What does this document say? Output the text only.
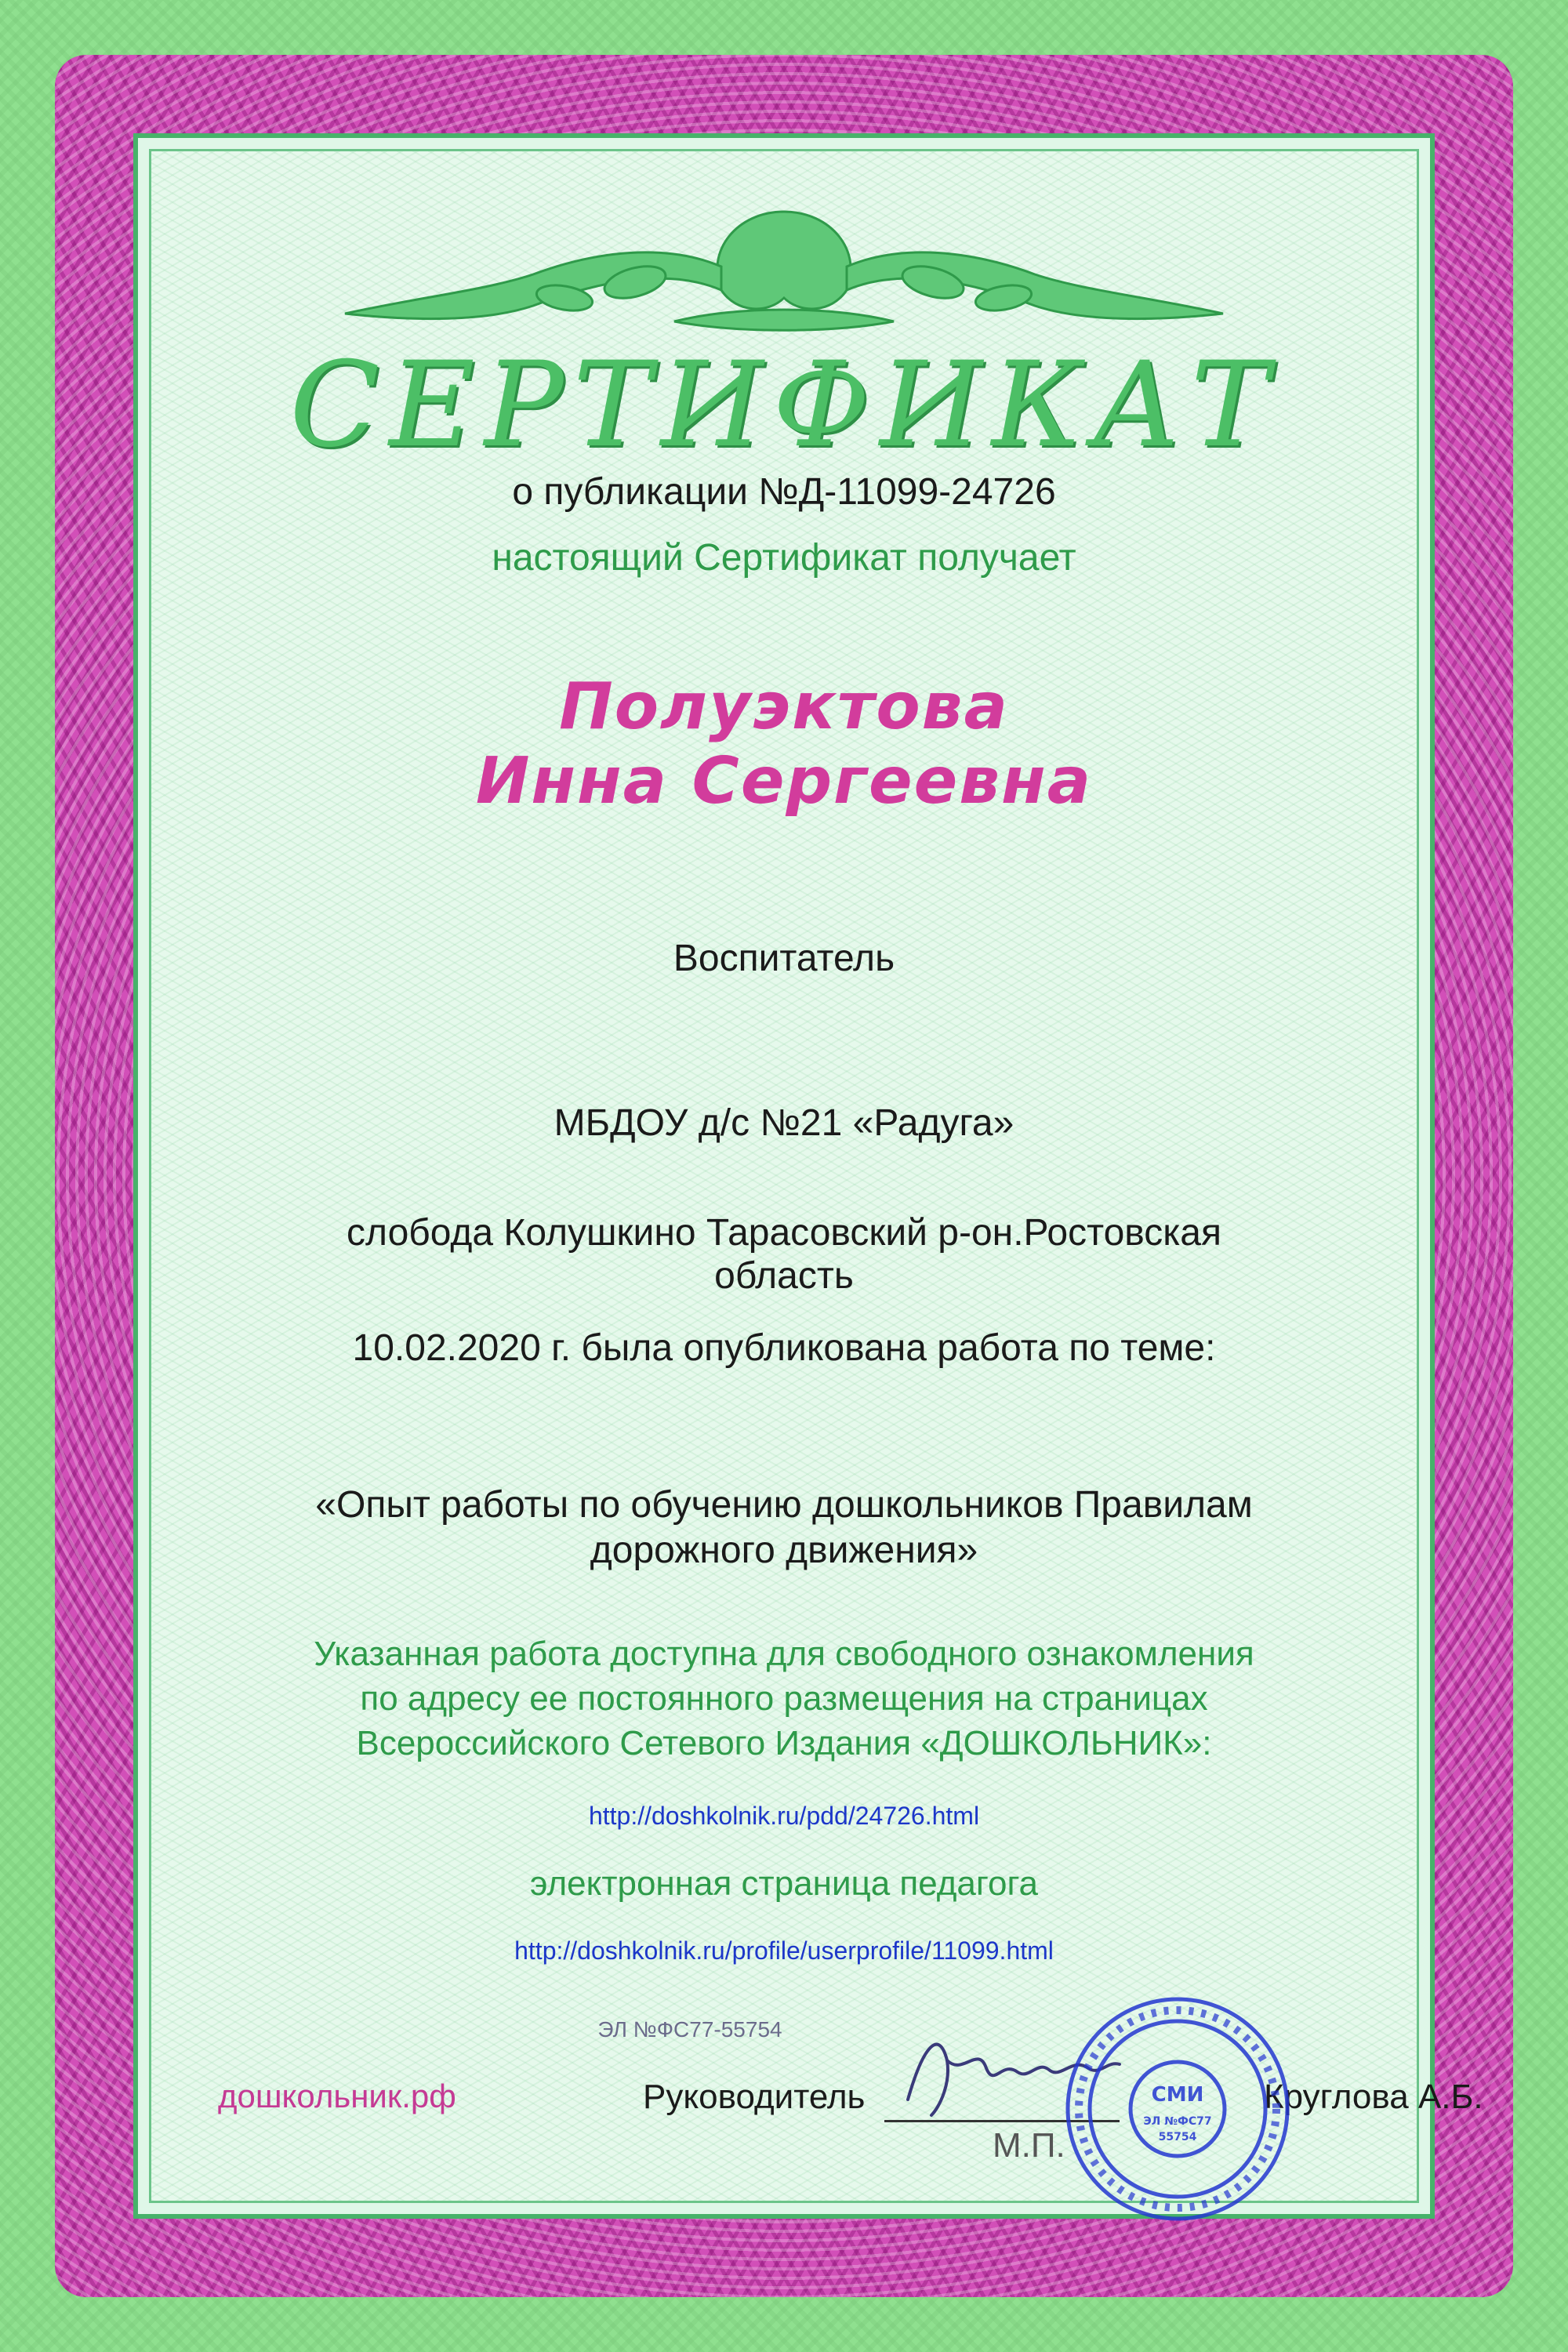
СЕРТИФИКАТ
о публикации №Д-11099-24726
настоящий Сертификат получает
Полуэктова
Инна Сергеевна
Воспитатель
МБДОУ д/с №21 «Радуга»
слобода Колушкино Тарасовский р-он.Ростовская
область
10.02.2020 г. была опубликована работа по теме:
«Опыт работы по обучению дошкольников Правилам
дорожного движения»
Указанная работа доступна для свободного ознакомления
по адресу ее постоянного размещения на страницах
Всероссийского Сетевого Издания «ДОШКОЛЬНИК»:
http://doshkolnik.ru/pdd/24726.html
электронная страница педагога
http://doshkolnik.ru/profile/userprofile/11099.html
ЭЛ №ФС77-55754
дошкольник.рф	Руководитель
М.П.
Круглова А.Б.
СМИ
ЭЛ №ФС77
55754
